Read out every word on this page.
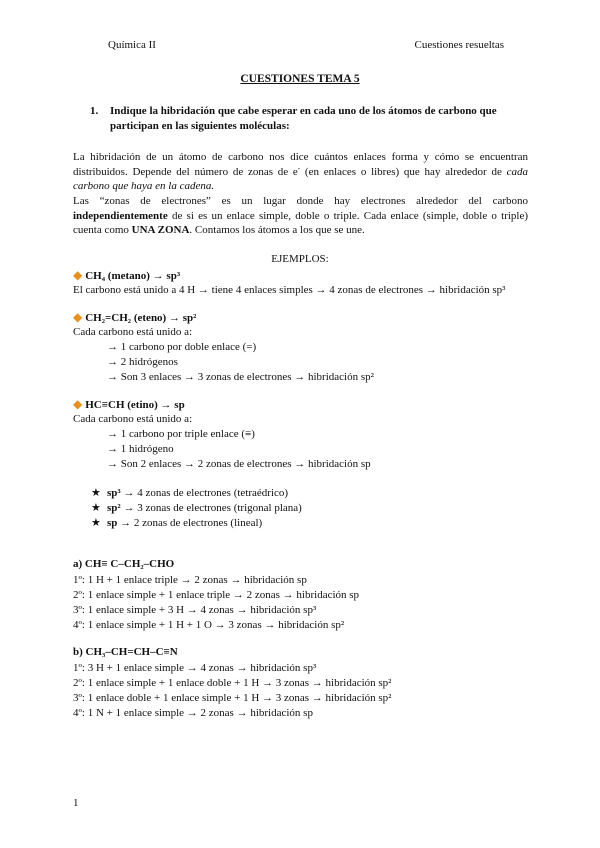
Química II	Cuestiones resueltas
CUESTIONES TEMA 5
1. Indique la hibridación que cabe esperar en cada uno de los átomos de carbono que participan en las siguientes moléculas:
La hibridación de un átomo de carbono nos dice cuántos enlaces forma y cómo se encuentran distribuidos. Depende del número de zonas de e- (en enlaces o libres) que hay alrededor de cada carbono que haya en la cadena.
Las “zonas de electrones” es un lugar donde hay electrones alrededor del carbono independientemente de si es un enlace simple, doble o triple. Cada enlace (simple, doble o triple) cuenta como UNA ZONA. Contamos los átomos a los que se une.
EJEMPLOS:
◆ CH₄ (metano) → sp³
El carbono está unido a 4 H → tiene 4 enlaces simples → 4 zonas de electrones → hibridación sp³
◆ CH₂=CH₂ (eteno) → sp²
Cada carbono está unido a:
→ 1 carbono por doble enlace (=)
→ 2 hidrógenos
→ Son 3 enlaces → 3 zonas de electrones → hibridación sp²
◆ HC≡CH (etino) → sp
Cada carbono está unido a:
→ 1 carbono por triple enlace (≡)
→ 1 hidrógeno
→ Son 2 enlaces → 2 zonas de electrones → hibridación sp
★ sp³ → 4 zonas de electrones (tetraédrico)
★ sp² → 3 zonas de electrones (trigonal plana)
★ sp → 2 zonas de electrones (lineal)
a) CH≡ C–CH₂–CHO
1º: 1 H + 1 enlace triple → 2 zonas → hibridación sp
2º: 1 enlace simple + 1 enlace triple → 2 zonas → hibridación sp
3º: 1 enlace simple + 3 H → 4 zonas → hibridación sp³
4º: 1 enlace simple + 1 H + 1 O → 3 zonas → hibridación sp²
b) CH₃–CH=CH–C≡N
1º: 3 H + 1 enlace simple → 4 zonas → hibridación sp³
2º: 1 enlace simple + 1 enlace doble + 1 H → 3 zonas → hibridación sp²
3º: 1 enlace doble + 1 enlace simple + 1 H → 3 zonas → hibridación sp²
4º: 1 N + 1 enlace simple → 2 zonas → hibridación sp
1
